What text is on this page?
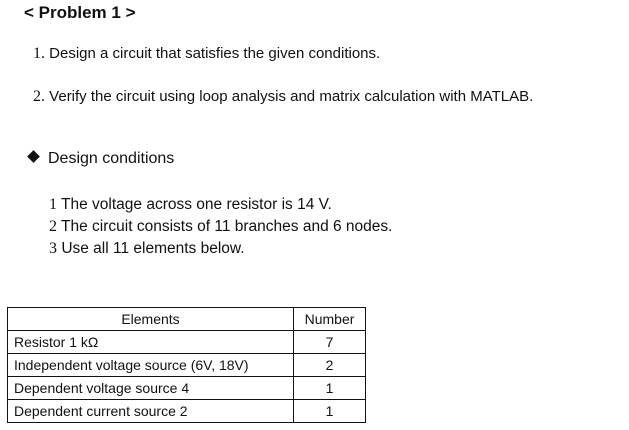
< Problem 1 >
1. Design a circuit that satisfies the given conditions.
2. Verify the circuit using loop analysis and matrix calculation with MATLAB.
Design conditions
1 The voltage across one resistor is 14 V.
2 The circuit consists of 11 branches and 6 nodes.
3 Use all 11 elements below.
Elements	Number
Resistor 1 kΩ	7
Independent voltage source (6V, 18V)	2
Dependent voltage source 4	1
Dependent current source 2	1
